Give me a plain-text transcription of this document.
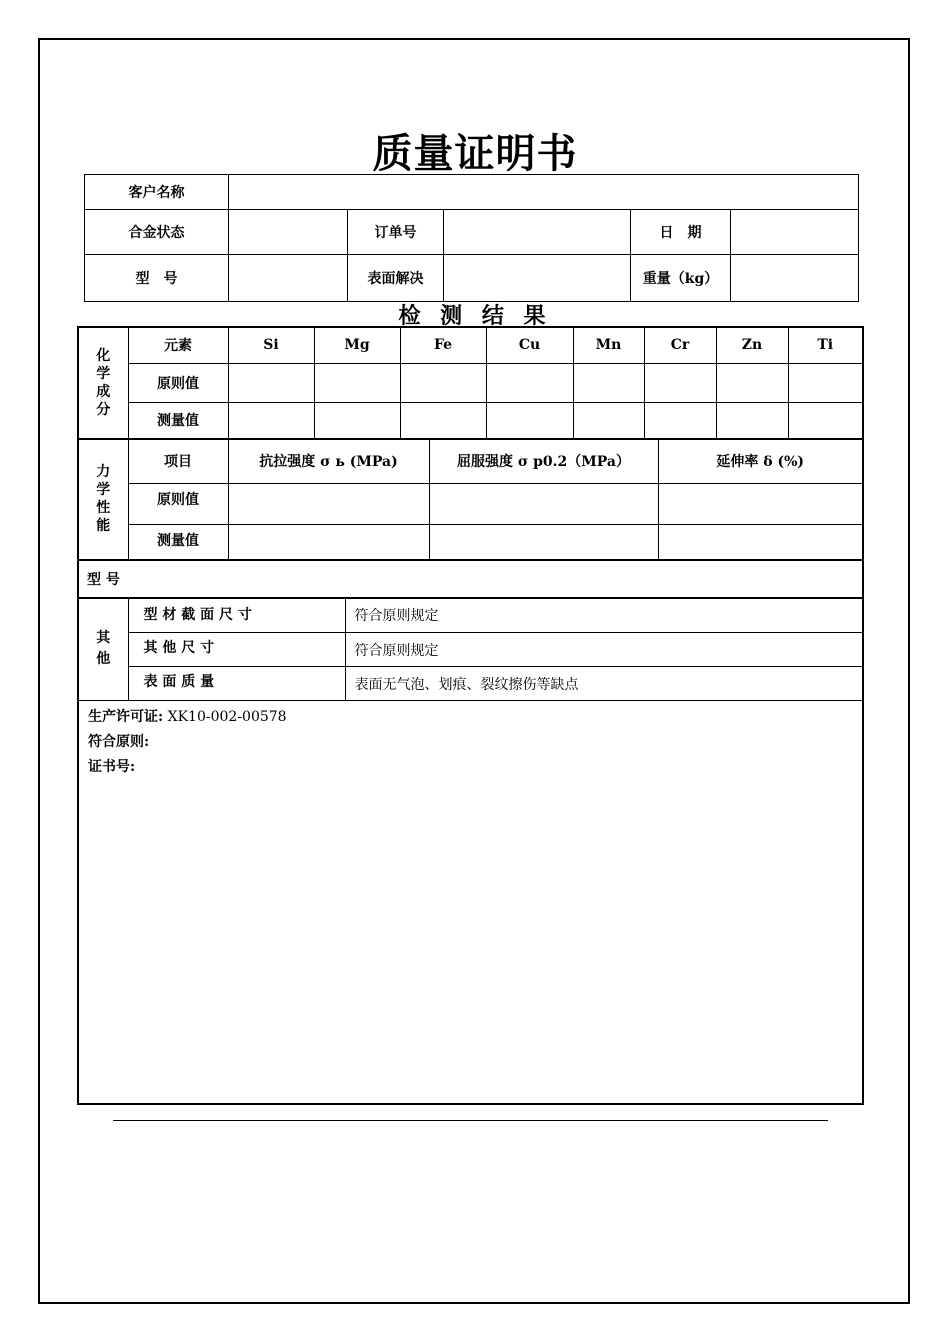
质量证明书
客户名称					
合金状态		订单号		日　期	
型　号		表面解决		重量（kg）	
检 测 结 果
化
学
成
分	元素	Si	Mg	Fe	Cu	Mn	Cr	Zn	Ti
	原则值								
	测量值								
力
学
性
能	项目	抗拉强度 σ ь (MPa)	屈服强度 σ p0.2（MPa）	延伸率 δ (%)
	原则值			
	测量值			
型 号
其
他	型 材 截 面 尺 寸	符合原则规定
	其 他 尺 寸	符合原则规定
	表 面 质 量	表面无气泡、划痕、裂纹擦伤等缺点
生产许可证: XK10-002-00578
符合原则:
证书号:
